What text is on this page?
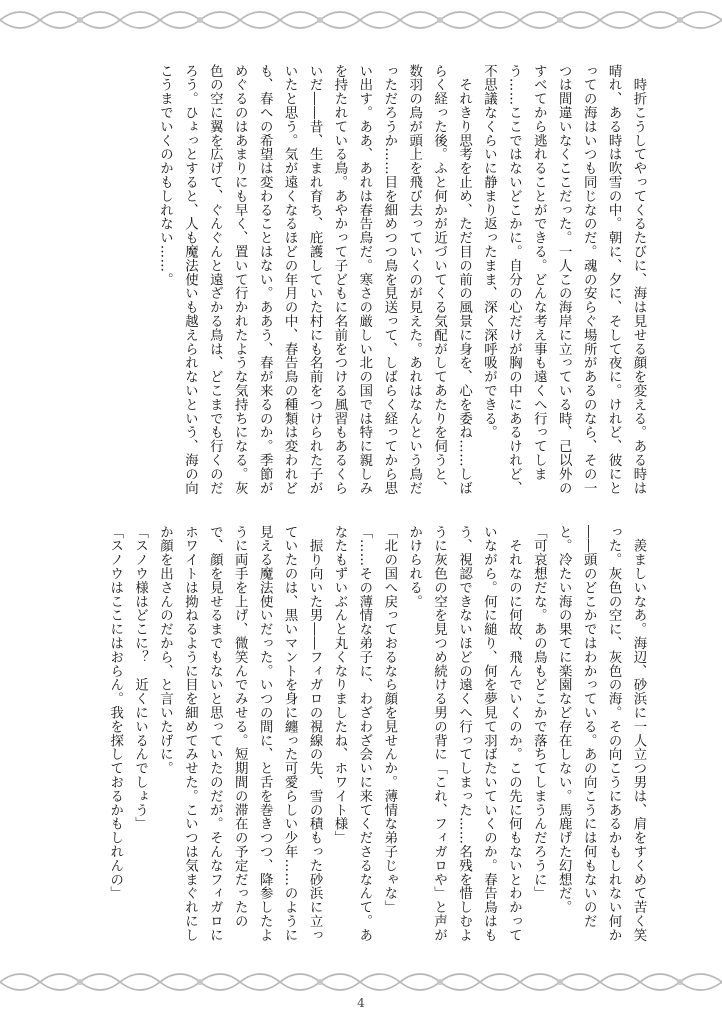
　時折こうしてやってくるたびに、海は見せる顔を変える。ある時は晴れ、ある時は吹雪の中。朝に、夕に、そして夜に。けれど、彼にとっての海はいつも同じなのだ。魂の安らぐ場所があるのなら、その一つは間違いなくここだった。一人この海岸に立っている時、己以外のすべてから逃れることができる。どんな考え事も遠くへ行ってしまう……ここではないどこかに。自分の心だけが胸の中にあるけれど、不思議なくらいに静まり返ったまま、深く深呼吸ができる。

　それきり思考を止め、ただ目の前の風景に身を、心を委ね……しばらく経った後。ふと何かが近づいてくる気配がしてあたりを伺うと、数羽の鳥が頭上を飛び去っていくのが見えた。あれはなんという鳥だっただろうか……目を細めつつ鳥を見送って、しばらく経ってから思い出す。ああ、あれは春告鳥だ。寒さの厳しい北の国では特に親しみを持たれている鳥。あやかって子どもに名前をつける風習もあるくらいだ――昔、生まれ育ち、庇護していた村にも名前をつけられた子がいたと思う。気が遠くなるほどの年月の中、春告鳥の種類は変われども、春への希望は変わることはない。ああう、春が来るのか。季節がめぐるのはあまりにも早く、置いて行かれたような気持ちになる。灰色の空に翼を広げて、ぐんぐんと遠ざかる鳥は、どこまでも行くのだろう。ひょっとすると、人も魔法使いも越えられないという、海の向こうまでいくのかもしれない……。

　羨ましいなあ。海辺、砂浜に一人立つ男は、肩をすくめて苦く笑った。灰色の空に、灰色の海。その向こうにあるかもしれない何か――頭のどこかではわかっている。あの向こうには何もないのだと。冷たい海の果てに楽園など存在しない。馬鹿げた幻想だ。

「可哀想だな。あの鳥もどこかで落ちてしまうんだろうに」

　それなのに何故、飛んでいくのか。この先に何もないとわかっていながら。何に縋り、何を夢見て羽ばたいていくのか。春告鳥はもう、視認できないほどの遠くへ行ってしまった……名残を惜しむように灰色の空を見つめ続ける男の背に「これ、フィガロや」と声がかけられる。

「北の国へ戻っておるなら顔を見せんか。薄情な弟子じゃな」

「……その薄情な弟子に、わざわざ会いに来てくださるなんて。あなたもずいぶんと丸くなりましたね、ホワイト様」

　振り向いた男――フィガロの視線の先、雪の積もった砂浜に立っていたのは、黒いマントを身に纏った可愛らしい少年……のように見える魔法使いだった。いつの間に、と舌を巻きつつ、降参したように両手を上げ、微笑んでみせる。短期間の滞在の予定だったので、顔を見せるまでもないと思っていたのだが。そんなフィガロにホワイトは拗ねるように目を細めてみせた。こいつは気まぐれにしか顔を出さんのだから、と言いたげに。

「スノウ様はどこに？　近くにいるんでしょう」

「スノウはここにはおらん。我を探しておるかもしれんの」

4
